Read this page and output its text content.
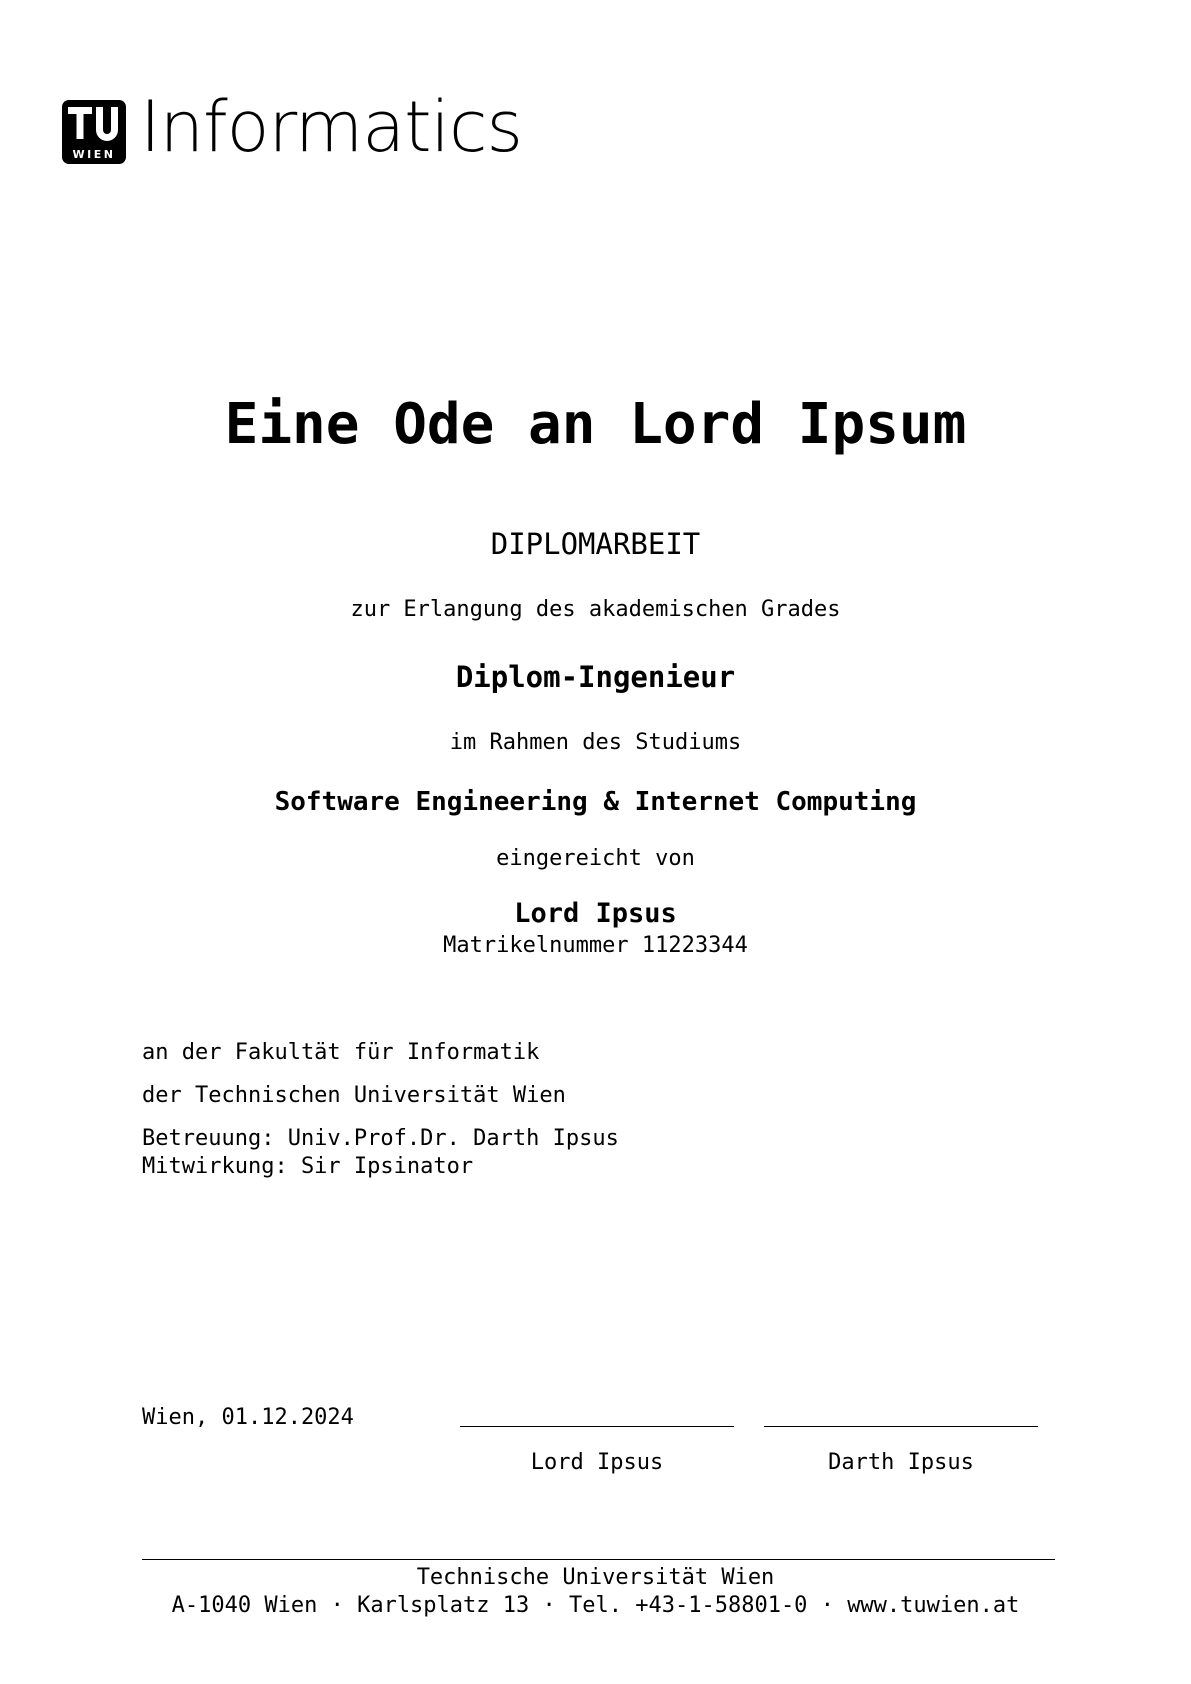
WIEN Informatics
Eine Ode an Lord Ipsum
DIPLOMARBEIT
zur Erlangung des akademischen Grades
Diplom-Ingenieur
im Rahmen des Studiums
Software Engineering & Internet Computing
eingereicht von
Lord Ipsus
Matrikelnummer 11223344
an der Fakultät für Informatik
der Technischen Universität Wien
Betreuung: Univ.Prof.Dr. Darth Ipsus
Mitwirkung: Sir Ipsinator
Wien, 01.12.2024
Lord Ipsus	Darth Ipsus
Technische Universität Wien
A-1040 Wien · Karlsplatz 13 · Tel. +43-1-58801-0 · www.tuwien.at
